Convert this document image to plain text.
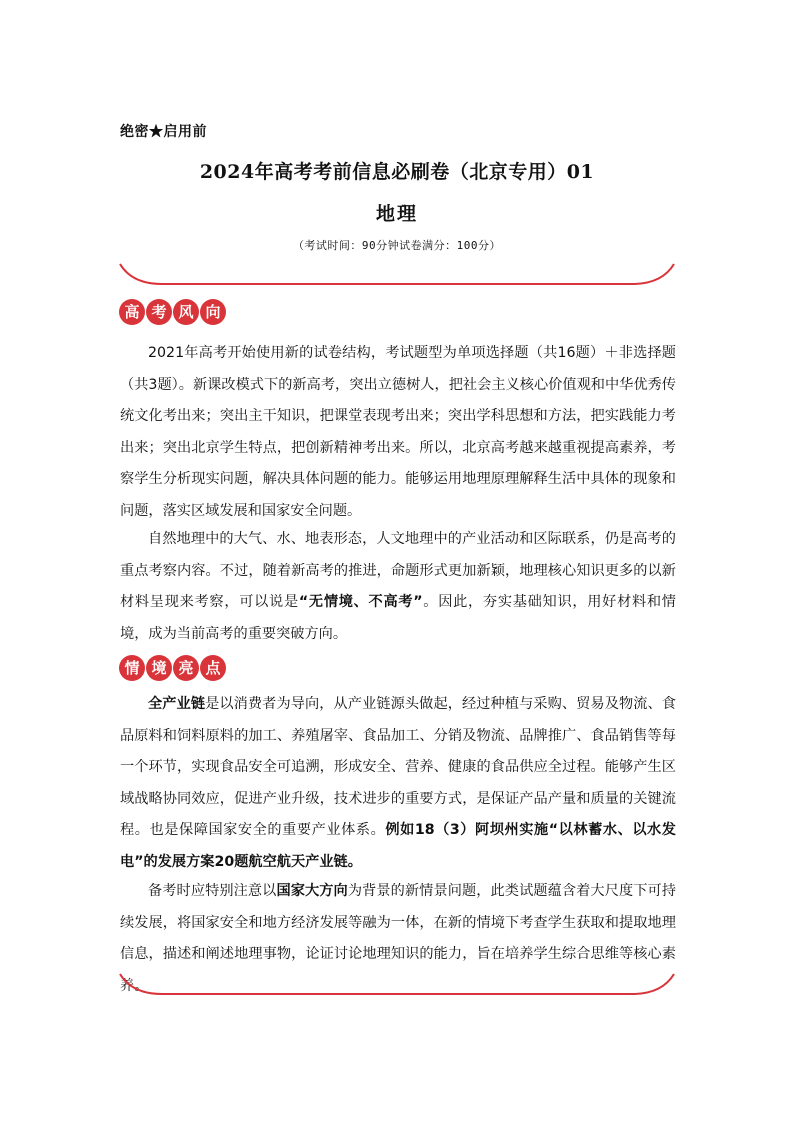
绝密★启用前
2024年高考考前信息必刷卷（北京专用）01
地理
（考试时间：90分钟试卷满分：100分）
高 考 风 向

2021年高考开始使用新的试卷结构，考试题型为单项选择题（共16题）＋非选择题（共3题）。新课改模式下的新高考，突出立德树人，把社会主义核心价值观和中华优秀传统文化考出来；突出主干知识，把课堂表现考出来；突出学科思想和方法，把实践能力考出来；突出北京学生特点，把创新精神考出来。所以，北京高考越来越重视提高素养，考察学生分析现实问题，解决具体问题的能力。能够运用地理原理解释生活中具体的现象和问题，落实区域发展和国家安全问题。

自然地理中的大气、水、地表形态，人文地理中的产业活动和区际联系，仍是高考的重点考察内容。不过，随着新高考的推进，命题形式更加新颖，地理核心知识更多的以新材料呈现来考察，可以说是“无情境、不高考”。因此，夯实基础知识，用好材料和情境，成为当前高考的重要突破方向。

情 境 亮 点

全产业链是以消费者为导向，从产业链源头做起，经过种植与采购、贸易及物流、食品原料和饲料原料的加工、养殖屠宰、食品加工、分销及物流、品牌推广、食品销售等每一个环节，实现食品安全可追溯，形成安全、营养、健康的食品供应全过程。能够产生区域战略协同效应，促进产业升级，技术进步的重要方式，是保证产品产量和质量的关键流程。也是保障国家安全的重要产业体系。例如18（3）阿坝州实施“以林蓄水、以水发电”的发展方案20题航空航天产业链。

备考时应特别注意以国家大方向为背景的新情景问题，此类试题蕴含着大尺度下可持续发展，将国家安全和地方经济发展等融为一体，在新的情境下考查学生获取和提取地理信息，描述和阐述地理事物，论证讨论地理知识的能力，旨在培养学生综合思维等核心素养。
